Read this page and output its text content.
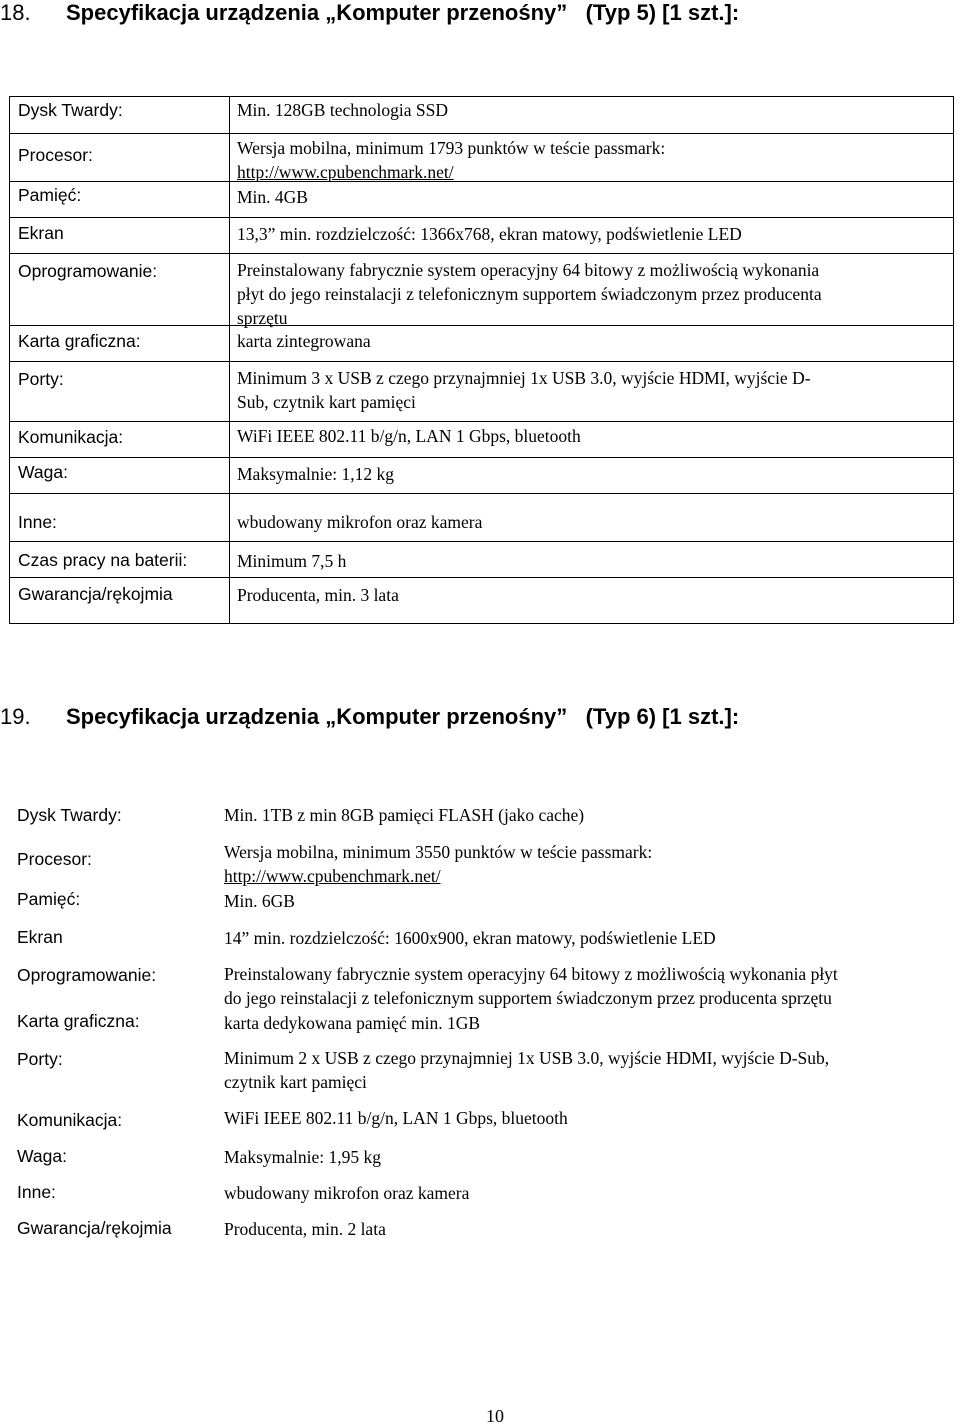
18. Specyfikacja urządzenia „Komputer przenośny”   (Typ 5) [1 szt.]:
Dysk Twardy:	Min. 128GB technologia SSD
Procesor:	Wersja mobilna, minimum 1793 punktów w teście passmark:
http://www.cpubenchmark.net/
Pamięć:	Min. 4GB
Ekran	13,3” min. rozdzielczość: 1366x768, ekran matowy, podświetlenie LED
Oprogramowanie:	Preinstalowany fabrycznie system operacyjny 64 bitowy z możliwością wykonania
płyt do jego reinstalacji z telefonicznym supportem świadczonym przez producenta
sprzętu
Karta graficzna:	karta zintegrowana
Porty:	Minimum 3 x USB z czego przynajmniej 1x USB 3.0, wyjście HDMI, wyjście D-
Sub, czytnik kart pamięci
Komunikacja:	WiFi IEEE 802.11 b/g/n, LAN 1 Gbps, bluetooth
Waga:	Maksymalnie: 1,12 kg
Inne:	wbudowany mikrofon oraz kamera
Czas pracy na baterii:	Minimum 7,5 h
Gwarancja/rękojmia	Producenta, min. 3 lata
19. Specyfikacja urządzenia „Komputer przenośny”   (Typ 6) [1 szt.]:
Dysk Twardy:	Min. 1TB z min 8GB pamięci FLASH (jako cache)
Procesor:	Wersja mobilna, minimum 3550 punktów w teście passmark:
http://www.cpubenchmark.net/
Pamięć:	Min. 6GB
Ekran	14” min. rozdzielczość: 1600x900, ekran matowy, podświetlenie LED
Oprogramowanie:	Preinstalowany fabrycznie system operacyjny 64 bitowy z możliwością wykonania płyt
do jego reinstalacji z telefonicznym supportem świadczonym przez producenta sprzętu
Karta graficzna:	karta dedykowana pamięć min. 1GB
Porty:	Minimum 2 x USB z czego przynajmniej 1x USB 3.0, wyjście HDMI, wyjście D-Sub,
czytnik kart pamięci
Komunikacja:	WiFi IEEE 802.11 b/g/n, LAN 1 Gbps, bluetooth
Waga:	Maksymalnie: 1,95 kg
Inne:	wbudowany mikrofon oraz kamera
Gwarancja/rękojmia	Producenta, min. 2 lata
10
